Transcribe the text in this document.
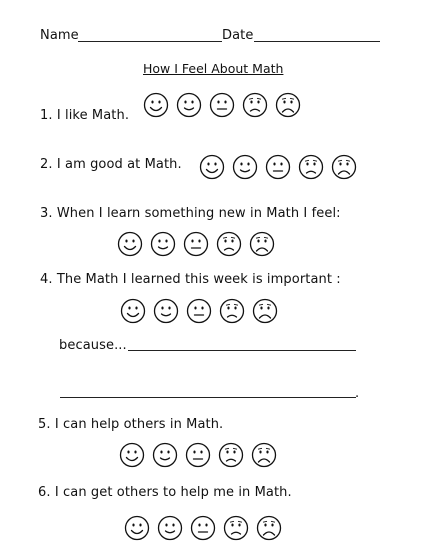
Name	Date
How I Feel About Math
1. I like Math.
2. I am good at Math.
3. When I learn something new in Math I feel:
4. The Math I learned this week is important :
because...
.
5. I can help others in Math.
6. I can get others to help me in Math.
